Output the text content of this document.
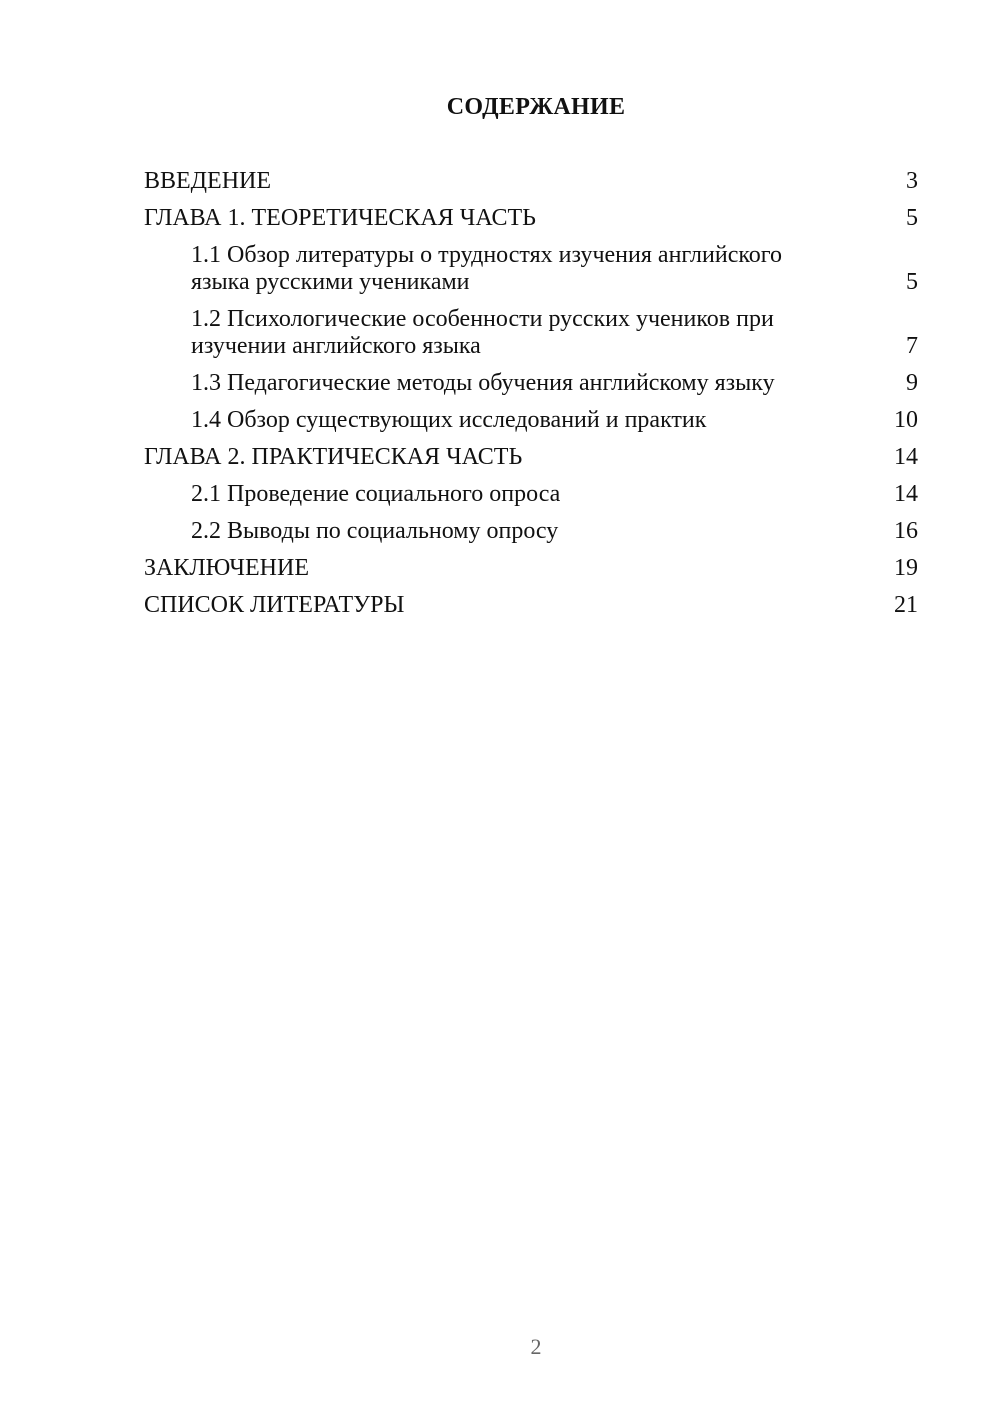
СОДЕРЖАНИЕ
ВВЕДЕНИЕ	3
ГЛАВА 1. ТЕОРЕТИЧЕСКАЯ ЧАСТЬ	5
1.1 Обзор литературы о трудностях изучения английского языка русскими учениками	5
1.2 Психологические особенности русских учеников при изучении английского языка	7
1.3 Педагогические методы обучения английскому языку	9
1.4 Обзор существующих исследований и практик	10
ГЛАВА 2. ПРАКТИЧЕСКАЯ ЧАСТЬ	14
2.1 Проведение социального опроса	14
2.2 Выводы по социальному опросу	16
ЗАКЛЮЧЕНИЕ	19
СПИСОК ЛИТЕРАТУРЫ	21
2
